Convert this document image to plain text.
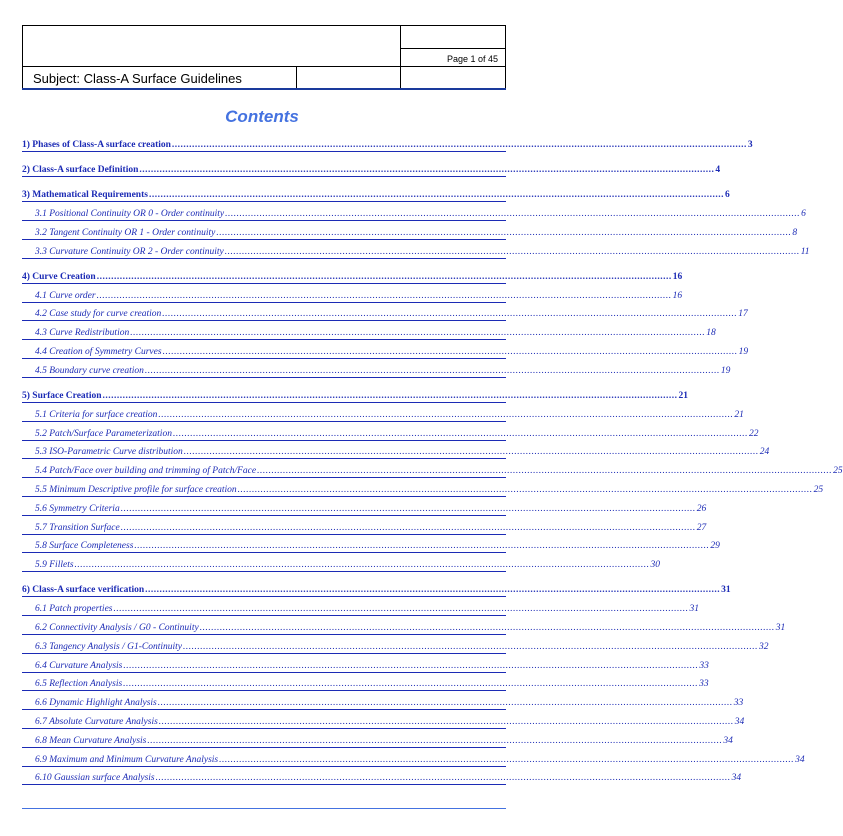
Page 1 of 45
Subject: Class-A Surface Guidelines
Contents
1) Phases of Class-A surface creation ........................................................................................................................................................................................................ 3
2) Class-A surface Definition ........................................................................................................................................................................................................ 4
3) Mathematical Requirements ........................................................................................................................................................................................................ 6
3.1 Positional Continuity OR 0 - Order continuity ........................................................................................................................................................................................................ 6
3.2 Tangent Continuity OR 1 - Order continuity ........................................................................................................................................................................................................ 8
3.3 Curvature Continuity OR 2 - Order continuity ........................................................................................................................................................................................................ 11
4) Curve Creation ........................................................................................................................................................................................................ 16
4.1 Curve order ........................................................................................................................................................................................................ 16
4.2 Case study for curve creation ........................................................................................................................................................................................................ 17
4.3 Curve Redistribution ........................................................................................................................................................................................................ 18
4.4 Creation of Symmetry Curves ........................................................................................................................................................................................................ 19
4.5 Boundary curve creation ........................................................................................................................................................................................................ 19
5) Surface Creation ........................................................................................................................................................................................................ 21
5.1 Criteria for surface creation ........................................................................................................................................................................................................ 21
5.2 Patch/Surface Parameterization ........................................................................................................................................................................................................ 22
5.3 ISO-Parametric Curve distribution ........................................................................................................................................................................................................ 24
5.4 Patch/Face over building and trimming of Patch/Face ........................................................................................................................................................................................................ 25
5.5 Minimum Descriptive profile for surface creation ........................................................................................................................................................................................................ 25
5.6 Symmetry Criteria ........................................................................................................................................................................................................ 26
5.7 Transition Surface ........................................................................................................................................................................................................ 27
5.8 Surface Completeness ........................................................................................................................................................................................................ 29
5.9 Fillets ........................................................................................................................................................................................................ 30
6) Class-A surface verification ........................................................................................................................................................................................................ 31
6.1 Patch properties ........................................................................................................................................................................................................ 31
6.2 Connectivity Analysis / G0 - Continuity ........................................................................................................................................................................................................ 31
6.3 Tangency Analysis / G1-Continuity ........................................................................................................................................................................................................ 32
6.4 Curvature Analysis ........................................................................................................................................................................................................ 33
6.5 Reflection Analysis ........................................................................................................................................................................................................ 33
6.6 Dynamic Highlight Analysis ........................................................................................................................................................................................................ 33
6.7 Absolute Curvature Analysis ........................................................................................................................................................................................................ 34
6.8 Mean Curvature Analysis ........................................................................................................................................................................................................ 34
6.9 Maximum and Minimum Curvature Analysis ........................................................................................................................................................................................................ 34
6.10 Gaussian surface Analysis ........................................................................................................................................................................................................ 34
